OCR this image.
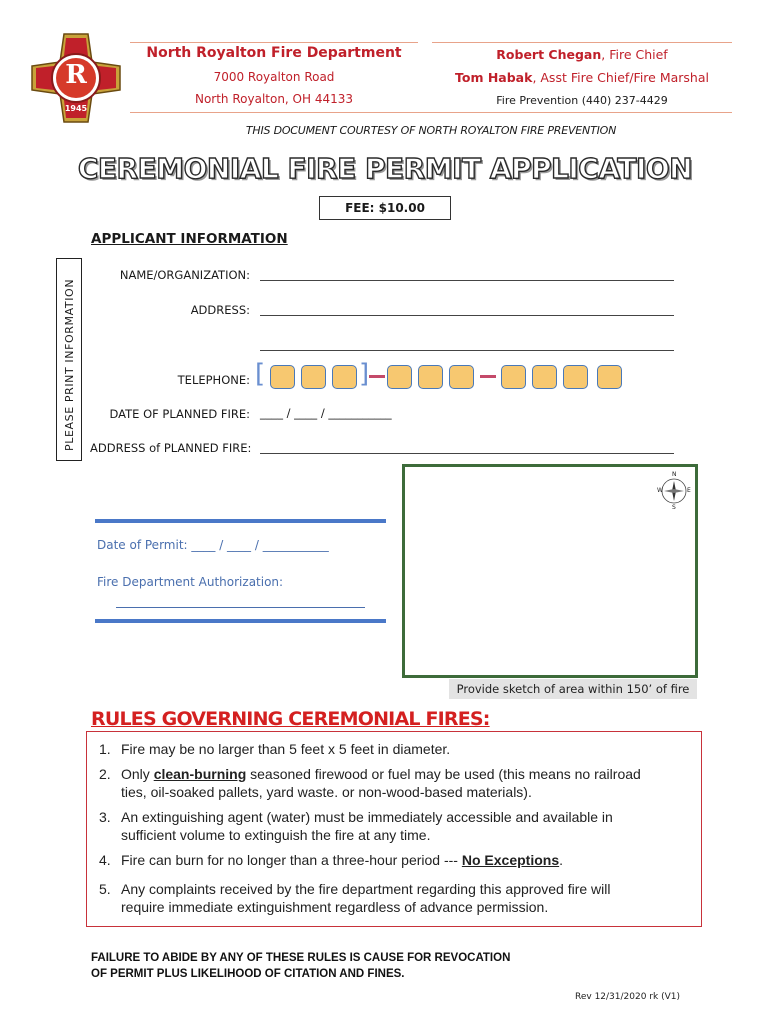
R
1945
North Royalton Fire Department
7000 Royalton Road
North Royalton, OH 44133
Robert Chegan, Fire Chief
Tom Habak, Asst Fire Chief/Fire Marshal
Fire Prevention (440) 237-4429
THIS DOCUMENT COURTESY OF NORTH ROYALTON FIRE PREVENTION
CEREMONIAL FIRE PERMIT APPLICATION
FEE: $10.00
APPLICANT INFORMATION
PLEASE PRINT INFORMATION
NAME/ORGANIZATION:
ADDRESS:
TELEPHONE: [	]
DATE OF PLANNED FIRE: ____ / ____ / ___________
ADDRESS of PLANNED FIRE:
Date of Permit: ____ / ____ / ___________
Fire Department Authorization:
N
S
W	E
Provide sketch of area within 150’ of fire
RULES GOVERNING CEREMONIAL FIRES:
1. Fire may be no larger than 5 feet x 5 feet in diameter.
2. Only clean-burning seasoned firewood or fuel may be used (this means no railroad
ties, oil-soaked pallets, yard waste. or non-wood-based materials).
3. An extinguishing agent (water) must be immediately accessible and available in
sufficient volume to extinguish the fire at any time.
4. Fire can burn for no longer than a three-hour period --- No Exceptions.
5. Any complaints received by the fire department regarding this approved fire will
require immediate extinguishment regardless of advance permission.
FAILURE TO ABIDE BY ANY OF THESE RULES IS CAUSE FOR REVOCATION
OF PERMIT PLUS LIKELIHOOD OF CITATION AND FINES.
Rev 12/31/2020 rk (V1)
